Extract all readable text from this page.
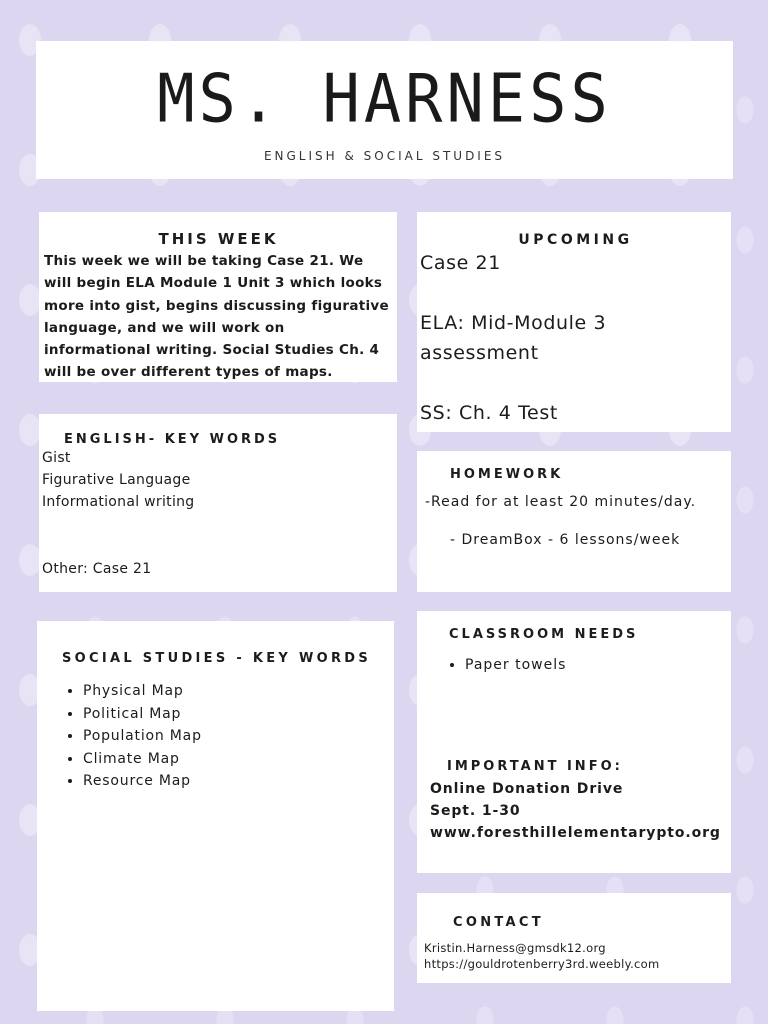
MS. HARNESS
ENGLISH & SOCIAL STUDIES
THIS WEEK
This week we will be taking Case 21. We
will begin ELA Module 1 Unit 3 which looks
more into gist, begins discussing figurative
language, and we will work on
informational writing. Social Studies Ch. 4
will be over different types of maps.
UPCOMING
Case 21
ELA: Mid-Module 3
assessment
SS: Ch. 4 Test
ENGLISH- KEY WORDS
Gist
Figurative Language
Informational writing
Other: Case 21
HOMEWORK
-Read for at least 20 minutes/day.
- DreamBox - 6 lessons/week
SOCIAL STUDIES - KEY WORDS
• Physical Map
• Political Map
• Population Map
• Climate Map
• Resource Map
CLASSROOM NEEDS
• Paper towels
IMPORTANT INFO:
Online Donation Drive
Sept. 1-30
www.foresthillelementarypto.org
CONTACT
Kristin.Harness@gmsdk12.org
https://gouldrotenberry3rd.weebly.com
